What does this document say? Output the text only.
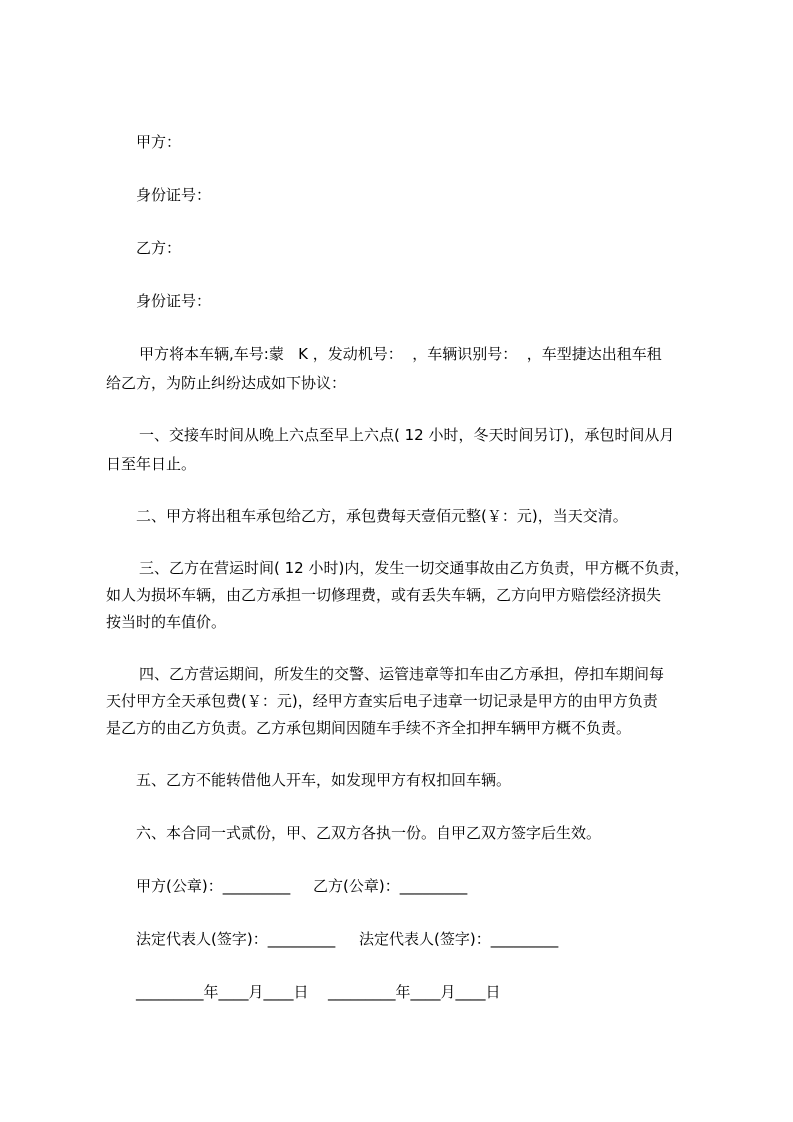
甲方：
身份证号：
乙方：
身份证号：
甲方将本车辆,车号:蒙   K ，发动机号：  ，车辆识别号：  ，车型捷达出租车租
给乙方，为防止纠纷达成如下协议：
一、交接车时间从晚上六点至早上六点( 12 小时，冬天时间另订)，承包时间从月
日至年日止。
二、甲方将出租车承包给乙方，承包费每天壹佰元整(￥：元)，当天交清。
三、乙方在营运时间( 12 小时)内，发生一切交通事故由乙方负责，甲方概不负责，
如人为损坏车辆，由乙方承担一切修理费，或有丢失车辆，乙方向甲方赔偿经济损失
按当时的车值价。
四、乙方营运期间，所发生的交警、运管违章等扣车由乙方承担，停扣车期间每
天付甲方全天承包费(￥：元)，经甲方查实后电子违章一切记录是甲方的由甲方负责
是乙方的由乙方负责。乙方承包期间因随车手续不齐全扣押车辆甲方概不负责。
五、乙方不能转借他人开车，如发现甲方有权扣回车辆。
六、本合同一式贰份，甲、乙双方各执一份。自甲乙双方签字后生效。
甲方(公章)：_________ 乙方(公章)：_________
法定代表人(签字)：_________ 法定代表人(签字)：_________
_________年____月____日 _________年____月____日
